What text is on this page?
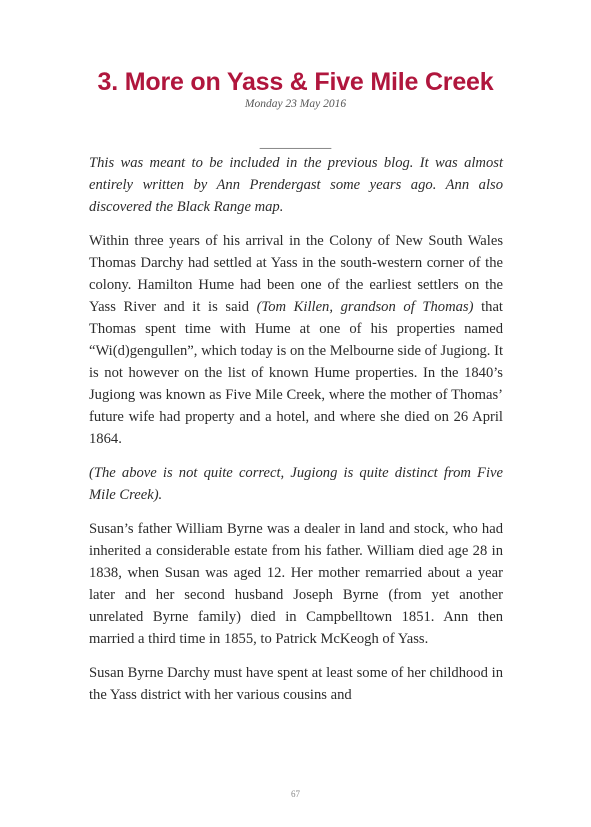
3. More on Yass & Five Mile Creek
Monday 23 May 2016
___________

This was meant to be included in the previous blog. It was almost entirely written by Ann Prendergast some years ago. Ann also discovered the Black Range map.

Within three years of his arrival in the Colony of New South Wales Thomas Darchy had settled at Yass in the south-western corner of the colony. Hamilton Hume had been one of the earliest settlers on the Yass River and it is said (Tom Killen, grandson of Thomas) that Thomas spent time with Hume at one of his properties named “Wi(d)gengullen”, which today is on the Melbourne side of Jugiong. It is not however on the list of known Hume properties. In the 1840’s Jugiong was known as Five Mile Creek, where the mother of Thomas’ future wife had property and a hotel, and where she died on 26 April 1864.

(The above is not quite correct, Jugiong is quite distinct from Five Mile Creek).

Susan’s father William Byrne was a dealer in land and stock, who had inherited a considerable estate from his father. William died age 28 in 1838, when Susan was aged 12. Her mother remarried about a year later and her second husband Joseph Byrne (from yet another unrelated Byrne family) died in Campbelltown 1851. Ann then married a third time in 1855, to Patrick McKeogh of Yass.

Susan Byrne Darchy must have spent at least some of her childhood in the Yass district with her various cousins and

67
